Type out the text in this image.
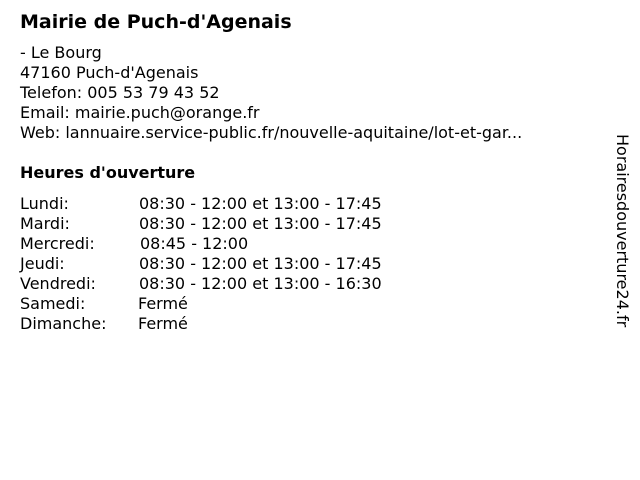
Mairie de Puch-d'Agenais
- Le Bourg
47160 Puch-d'Agenais
Telefon: 005 53 79 43 52
Email: mairie.puch@orange.fr
Web: lannuaire.service-public.fr/nouvelle-aquitaine/lot-et-gar...
Heures d'ouverture
Lundi:	08:30 - 12:00 et 13:00 - 17:45
Mardi:	08:30 - 12:00 et 13:00 - 17:45
Mercredi:	08:45 - 12:00
Jeudi:	08:30 - 12:00 et 13:00 - 17:45
Vendredi:	08:30 - 12:00 et 13:00 - 16:30
Samedi:	Fermé
Dimanche: Fermé	Horairesdouverture24.fr
